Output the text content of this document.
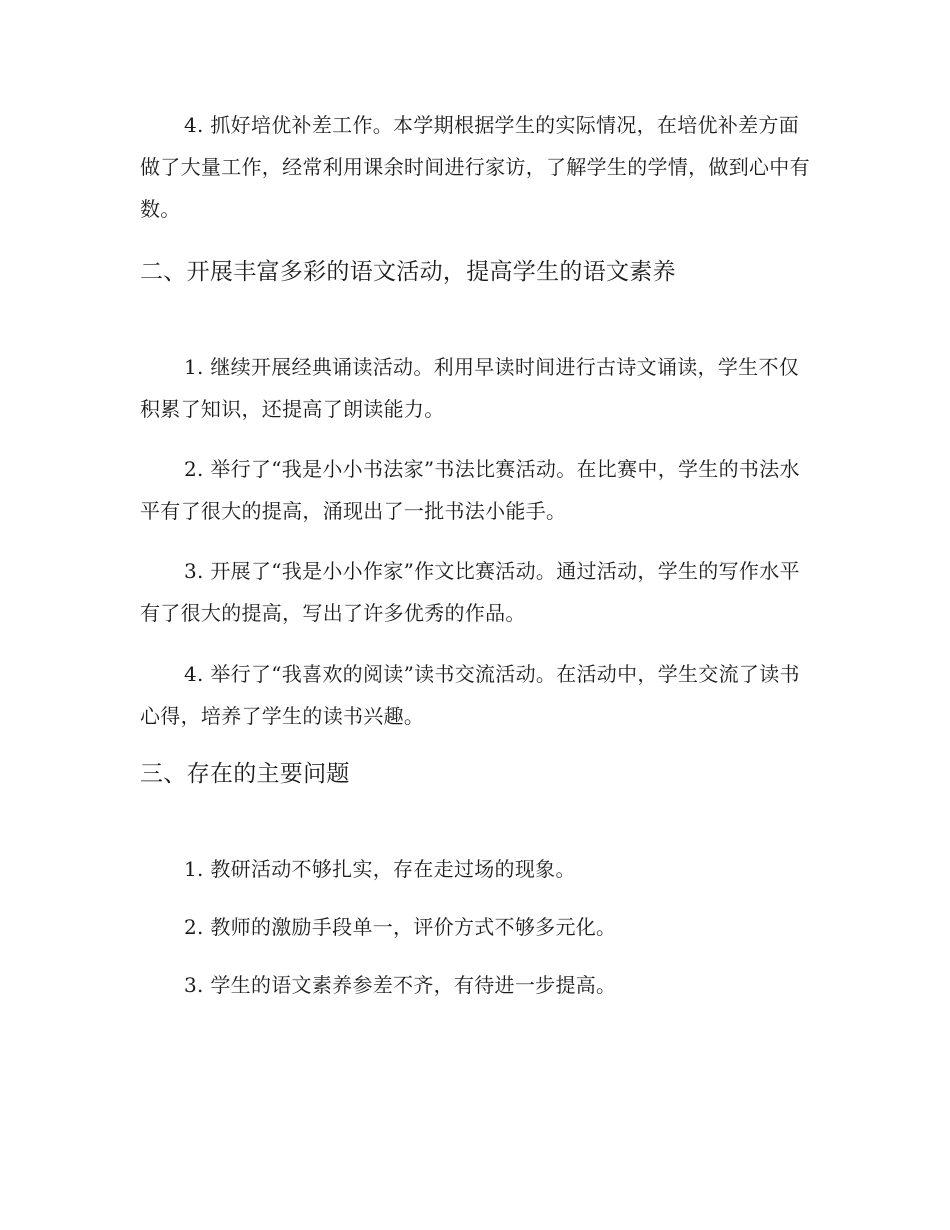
4. 抓好培优补差工作。本学期根据学生的实际情况，在培优补差方面做了大量工作，经常利用课余时间进行家访，了解学生的学情，做到心中有数。

二、开展丰富多彩的语文活动，提高学生的语文素养

1. 继续开展经典诵读活动。利用早读时间进行古诗文诵读，学生不仅积累了知识，还提高了朗读能力。

2. 举行了“我是小小书法家”书法比赛活动。在比赛中，学生的书法水平有了很大的提高，涌现出了一批书法小能手。

3. 开展了“我是小小作家”作文比赛活动。通过活动，学生的写作水平有了很大的提高，写出了许多优秀的作品。

4. 举行了“我喜欢的阅读”读书交流活动。在活动中，学生交流了读书心得，培养了学生的读书兴趣。

三、存在的主要问题

1. 教研活动不够扎实，存在走过场的现象。

2. 教师的激励手段单一，评价方式不够多元化。

3. 学生的语文素养参差不齐，有待进一步提高。
